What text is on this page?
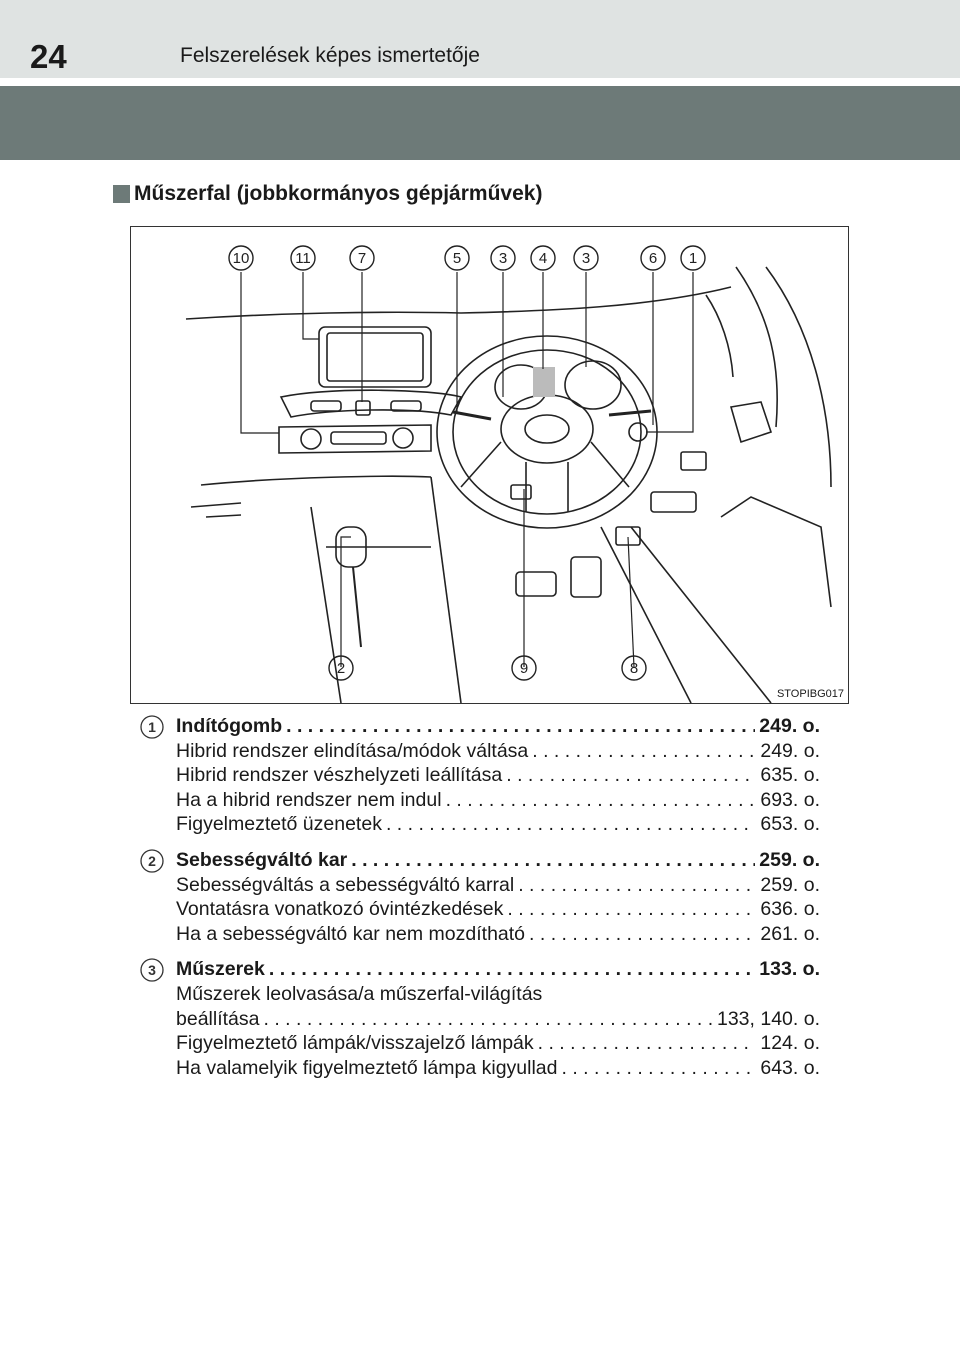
24	Felszerelések képes ismertetője
Műszerfal (jobbkormányos gépjárművek)
10	11	7	5	3 4 3	6 1
2	9	8
STOPIBG017
1 Indítógomb . . .	249. o.
Hibrid rendszer elindítása/módok váltása . . .	249. o.
Hibrid rendszer vészhelyzeti leállítása . . .	635. o.
Ha a hibrid rendszer nem indul . . .	693. o.
Figyelmeztető üzenetek . . .	653. o.
2 Sebességváltó kar . . .	259. o.
Sebességváltás a sebességváltó karral . . .	259. o.
Vontatásra vonatkozó óvintézkedések . . .	636. o.
Ha a sebességváltó kar nem mozdítható . . .	261. o.
3 Műszerek . . .	133. o.
Műszerek leolvasása/a műszerfal-világítás
beállítása . . .	133, 140. o.
Figyelmeztető lámpák/visszajelző lámpák . . .	124. o.
Ha valamelyik figyelmeztető lámpa kigyullad . . .	643. o.
